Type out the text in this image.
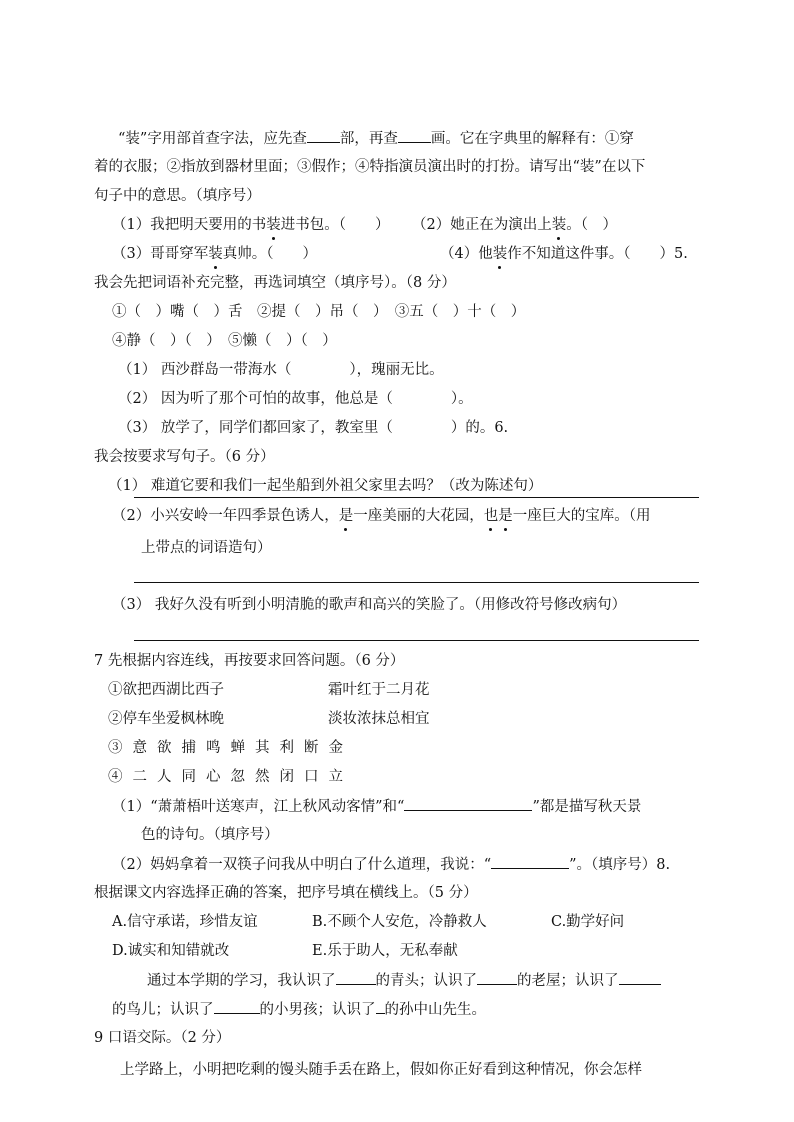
“装”字用部首查字法，应先查 部，再查 画。它在字典里的解释有：①穿
着的衣服；②指放到器材里面；③假作；④特指演员演出时的打扮。请写出“装”在以下
句子中的意思。（填序号）
（1）我把明天要用的书装进书包。（　　） （2）她正在为演出上装。（　）
（3）哥哥穿军装真帅。（　　）	（4）他装作不知道这件事。（　　）5.
我会先把词语补充完整，再选词填空（填序号）。（8 分）
①（　）嘴（　）舌　②提（　）吊（　）　③五（　）十（　）
④静（　）（　）　⑤懒（　）（　）
（1） 西沙群岛一带海水（　　　　），瑰丽无比。
（2） 因为听了那个可怕的故事，他总是（　　　　）。
（3） 放学了，同学们都回家了，教室里（　　　　）的。6.
我会按要求写句子。（6 分）
（1） 难道它要和我们一起坐船到外祖父家里去吗？（改为陈述句）
（2）小兴安岭一年四季景色诱人，是一座美丽的大花园，也是一座巨大的宝库。（用
上带点的词语造句）
（3） 我好久没有听到小明清脆的歌声和高兴的笑脸了。（用修改符号修改病句）
7 先根据内容连线，再按要求回答问题。（6 分）
①欲把西湖比西子	霜叶红于二月花
②停车坐爱枫林晚	淡妆浓抹总相宜
③意欲捕鸣蝉其利断金
④二人同心忽然闭口立
（1）“萧萧梧叶送寒声，江上秋风动客情”和“	”都是描写秋天景
色的诗句。（填序号）
（2）妈妈拿着一双筷子问我从中明白了什么道理，我说：“	”。（填序号）8.
根据课文内容选择正确的答案，把序号填在横线上。（5 分）
A.信守承诺，珍惜友谊	B.不顾个人安危，冷静救人	C.勤学好问
D.诚实和知错就改	E.乐于助人，无私奉献
通过本学期的学习，我认识了	的青头；认识了	的老屋；认识了
的鸟儿；认识了	的小男孩；认识了 的孙中山先生。
9 口语交际。（2 分）
上学路上，小明把吃剩的馒头随手丢在路上，假如你正好看到这种情况，你会怎样
